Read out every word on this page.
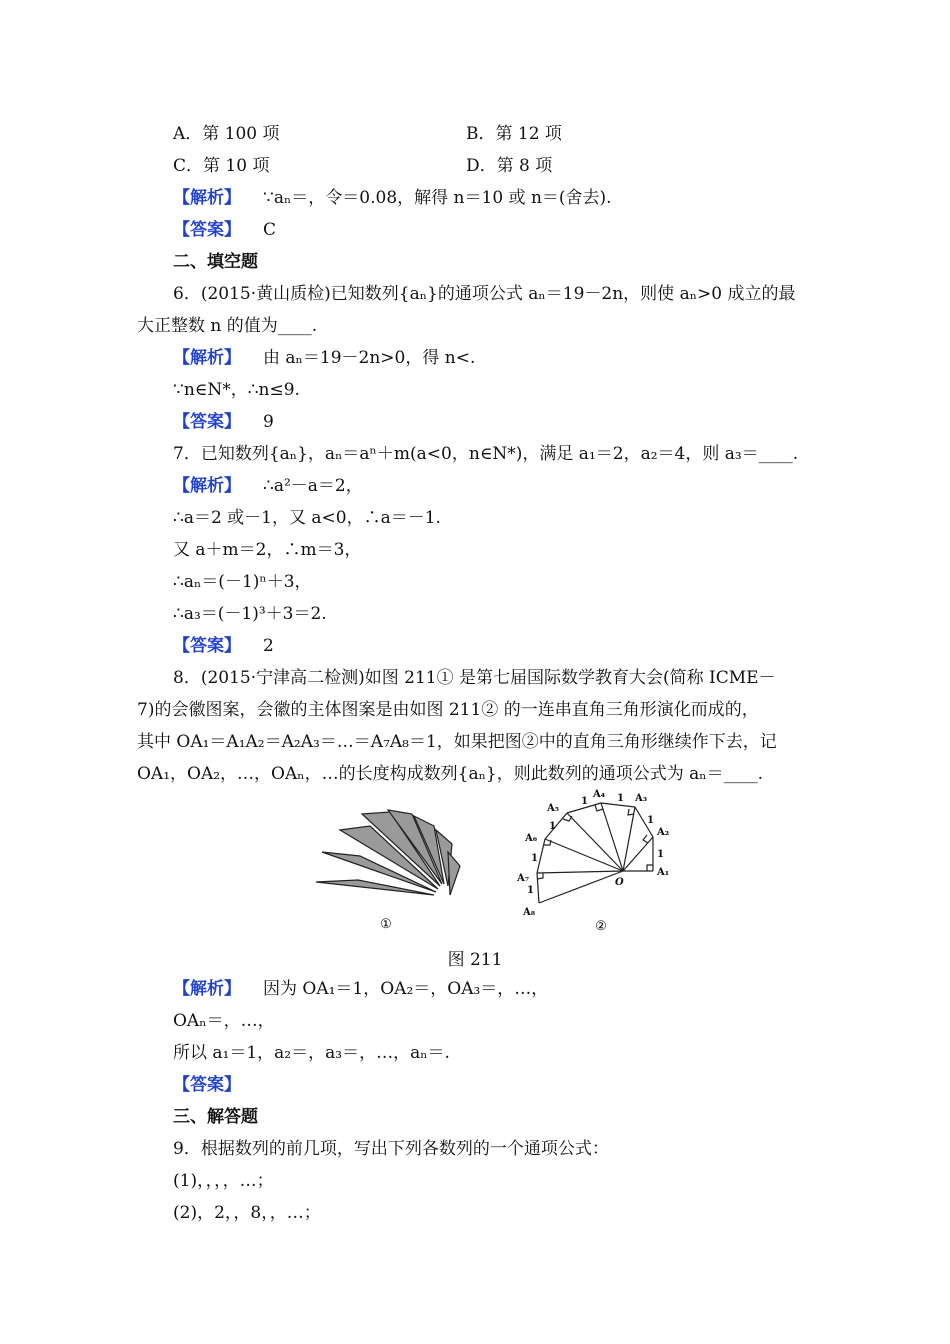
A．第 100 项	B．第 12 项
C．第 10 项	D．第 8 项
【解析】 ∵aₙ＝，令＝0.08，解得 n＝10 或 n＝(舍去).
【答案】 C
二、填空题
6．(2015·黄山质检)已知数列{aₙ}的通项公式 aₙ＝19－2n，则使 aₙ>0 成立的最
大正整数 n 的值为____.
【解析】 由 aₙ＝19－2n>0，得 n<.
∵n∈N*，∴n≤9.
【答案】 9
7．已知数列{aₙ}，aₙ＝aⁿ＋m(a<0，n∈N*)，满足 a₁＝2，a₂＝4，则 a₃＝____.
【解析】 ∴a²－a＝2，
∴a＝2 或－1，又 a<0，∴a＝－1.
又 a＋m＝2，∴m＝3，
∴aₙ＝(－1)ⁿ＋3，
∴a₃＝(－1)³＋3＝2.
【答案】 2
8．(2015·宁津高二检测)如图 211① 是第七届国际数学教育大会(简称 ICME－
7)的会徽图案，会徽的主体图案是由如图 211② 的一连串直角三角形演化而成的，
其中 OA₁＝A₁A₂＝A₂A₃＝…＝A₇A₈＝1，如果把图②中的直角三角形继续作下去，记
OA₁，OA₂，…，OAₙ，…的长度构成数列{aₙ}，则此数列的通项公式为 aₙ＝____.
①
A₁
A₂
A₃
A₄
A₅
A₆
A₇
A₈
O
1
1
1
1
1
1
1
②
图 211
【解析】 因为 OA₁＝1，OA₂＝，OA₃＝，…，
OAₙ＝，…，
所以 a₁＝1，a₂＝，a₃＝，…，aₙ＝.
【答案】
三、解答题
9．根据数列的前几项，写出下列各数列的一个通项公式：
(1)，，，，…；
(2)，2，，8，，…；
